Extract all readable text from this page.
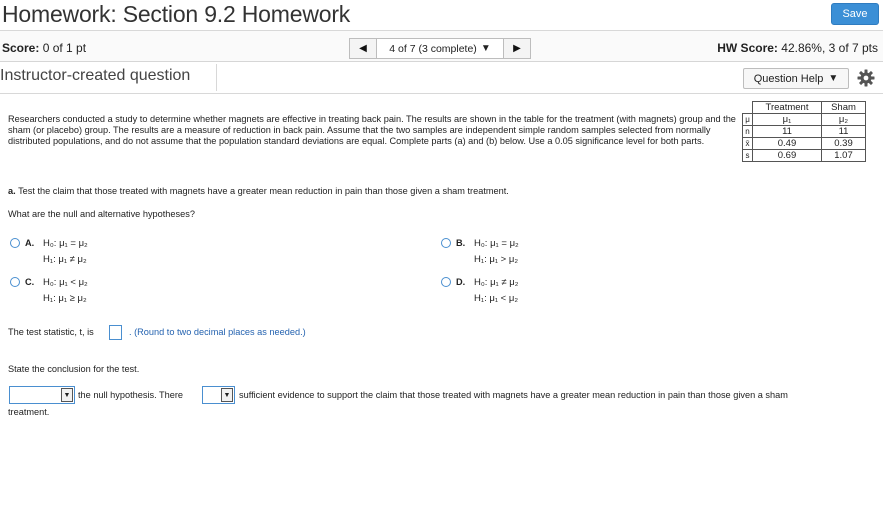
Homework: Section 9.2 Homework	Save
Score: 0 of 1 pt	◀ 4 of 7 (3 complete) ▼ ▶	HW Score: 42.86%, 3 of 7 pts
Instructor-created question	Question Help ▼
Researchers conducted a study to determine whether magnets are effective in treating back pain. The results are shown in the table for the treatment (with magnets) group and the sham (or placebo) group. The results are a measure of reduction in back pain. Assume that the two samples are independent simple random samples selected from normally distributed populations, and do not assume that the population standard deviations are equal. Complete parts (a) and (b) below. Use a 0.05 significance level for both parts.
	Treatment	Sham
μ	μ₁	μ₂
n	11	11
x̄	0.49	0.39
s	0.69	1.07
a. Test the claim that those treated with magnets have a greater mean reduction in pain than those given a sham treatment.
What are the null and alternative hypotheses?
A. H₀: μ₁ = μ₂
H₁: μ₁ ≠ μ₂
B. H₀: μ₁ = μ₂
H₁: μ₁ > μ₂
C. H₀: μ₁ < μ₂
H₁: μ₁ ≥ μ₂
D. H₀: μ₁ ≠ μ₂
H₁: μ₁ < μ₂
The test statistic, t, is	. (Round to two decimal places as needed.)
State the conclusion for the test.
▼ the null hypothesis. There	▼ sufficient evidence to support the claim that those treated with magnets have a greater mean reduction in pain than those given a sham
treatment.
